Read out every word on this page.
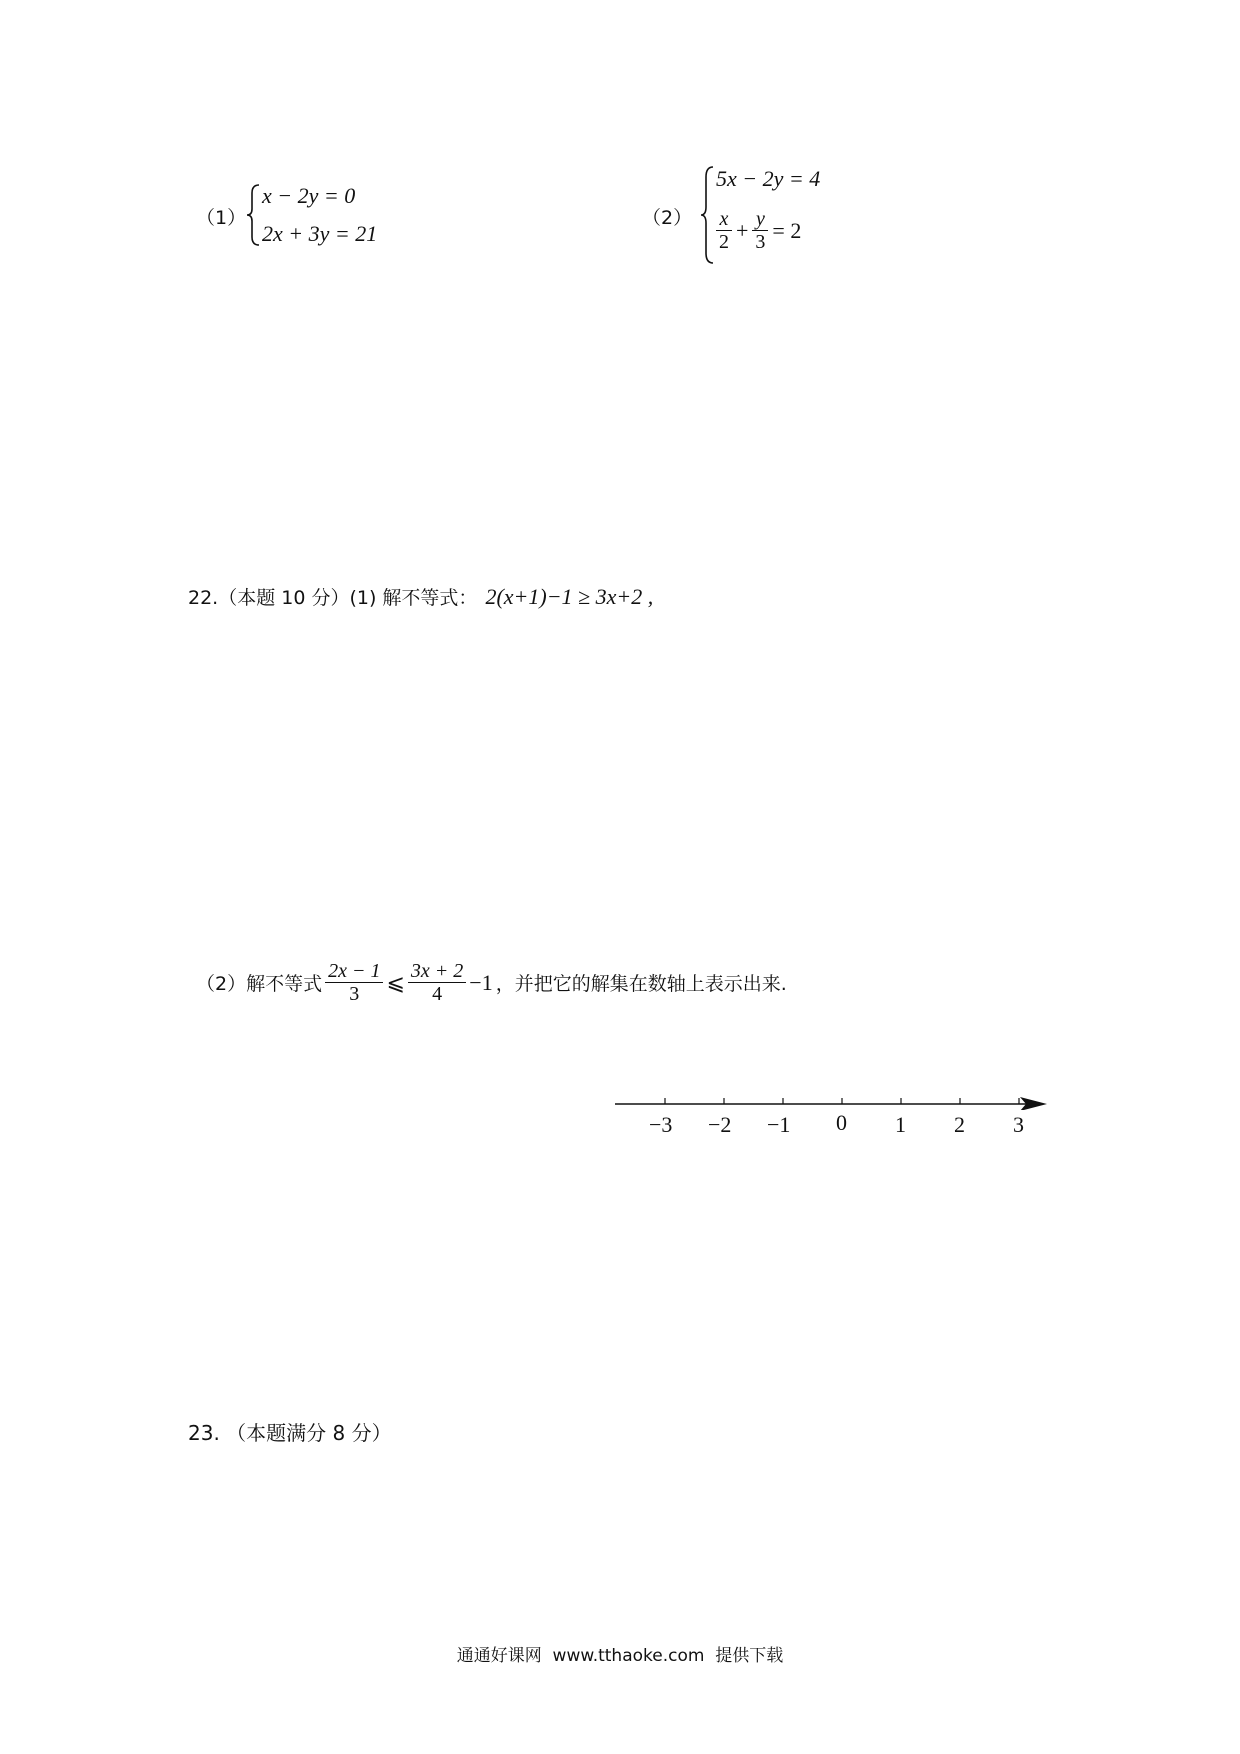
（1）
x − 2y = 0
2x + 3y = 21
（2）
5x − 2y = 4
$\frac{x}{2} + \frac{y}{3} = 2$
22.（本题 10 分）(1) 解不等式： 2(x+1)−1 ≥ 3x+2 ,
（2）解不等式 $\frac{2x - 1}{3}$ ⩽ $\frac{3x + 2}{4} -1$ ，并把它的解集在数轴上表示出来.
−3 −2 −1 0 1 2 3
23. （本题满分 8 分）
通通好课网  www.tthaoke.com  提供下载
